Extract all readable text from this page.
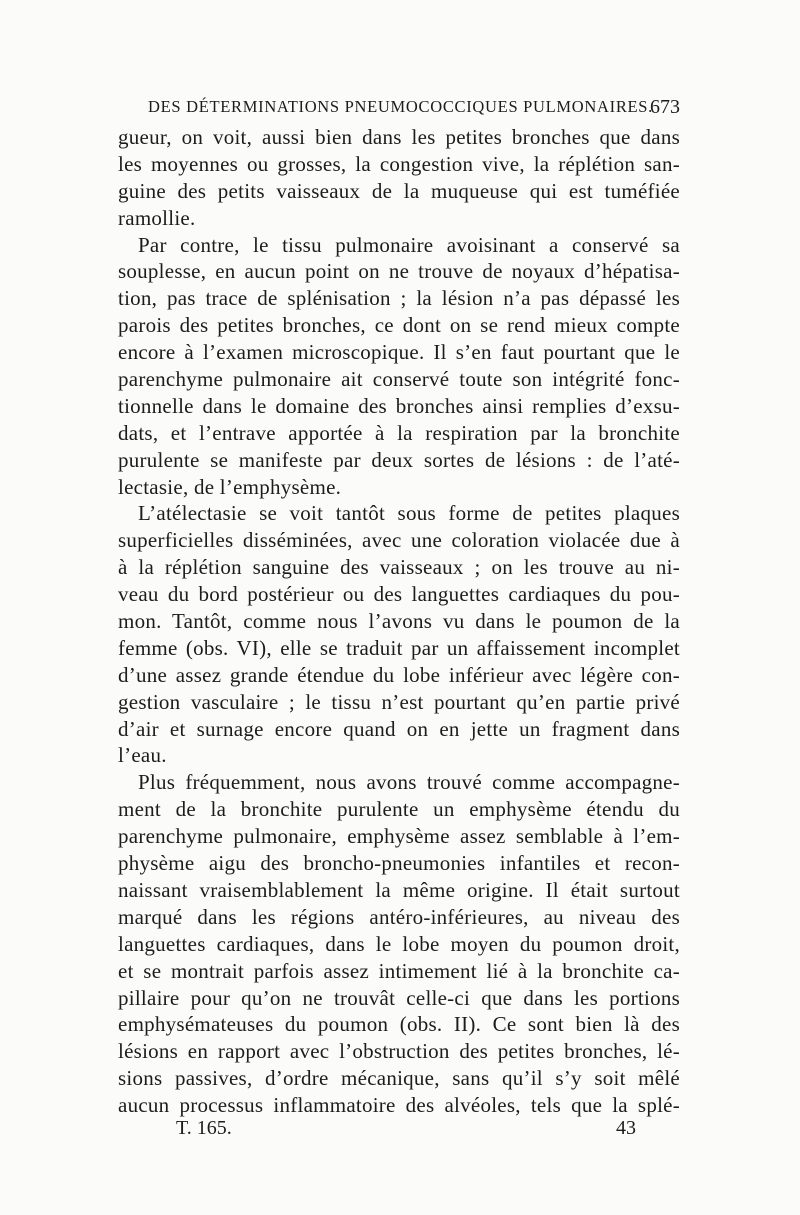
DES DÉTERMINATIONS PNEUMOCOCCIQUES PULMONAIRES.
673
gueur, on voit, aussi bien dans les petites bronches que dans
les moyennes ou grosses, la congestion vive, la réplétion san-
guine des petits vaisseaux de la muqueuse qui est tuméfiée
ramollie.
Par contre, le tissu pulmonaire avoisinant a conservé sa
souplesse, en aucun point on ne trouve de noyaux d’hépatisa-
tion, pas trace de splénisation ; la lésion n’a pas dépassé les
parois des petites bronches, ce dont on se rend mieux compte
encore à l’examen microscopique. Il s’en faut pourtant que le
parenchyme pulmonaire ait conservé toute son intégrité fonc-
tionnelle dans le domaine des bronches ainsi remplies d’exsu-
dats, et l’entrave apportée à la respiration par la bronchite
purulente se manifeste par deux sortes de lésions : de l’até-
lectasie, de l’emphysème.
L’atélectasie se voit tantôt sous forme de petites plaques
superficielles disséminées, avec une coloration violacée due à
à la réplétion sanguine des vaisseaux ; on les trouve au ni-
veau du bord postérieur ou des languettes cardiaques du pou-
mon. Tantôt, comme nous l’avons vu dans le poumon de la
femme (obs. VI), elle se traduit par un affaissement incomplet
d’une assez grande étendue du lobe inférieur avec légère con-
gestion vasculaire ; le tissu n’est pourtant qu’en partie privé
d’air et surnage encore quand on en jette un fragment dans
l’eau.
Plus fréquemment, nous avons trouvé comme accompagne-
ment de la bronchite purulente un emphysème étendu du
parenchyme pulmonaire, emphysème assez semblable à l’em-
physème aigu des broncho-pneumonies infantiles et recon-
naissant vraisemblablement la même origine. Il était surtout
marqué dans les régions antéro-inférieures, au niveau des
languettes cardiaques, dans le lobe moyen du poumon droit,
et se montrait parfois assez intimement lié à la bronchite ca-
pillaire pour qu’on ne trouvât celle-ci que dans les portions
emphysémateuses du poumon (obs. II). Ce sont bien là des
lésions en rapport avec l’obstruction des petites bronches, lé-
sions passives, d’ordre mécanique, sans qu’il s’y soit mêlé
aucun processus inflammatoire des alvéoles, tels que la splé-
T. 165.	43
